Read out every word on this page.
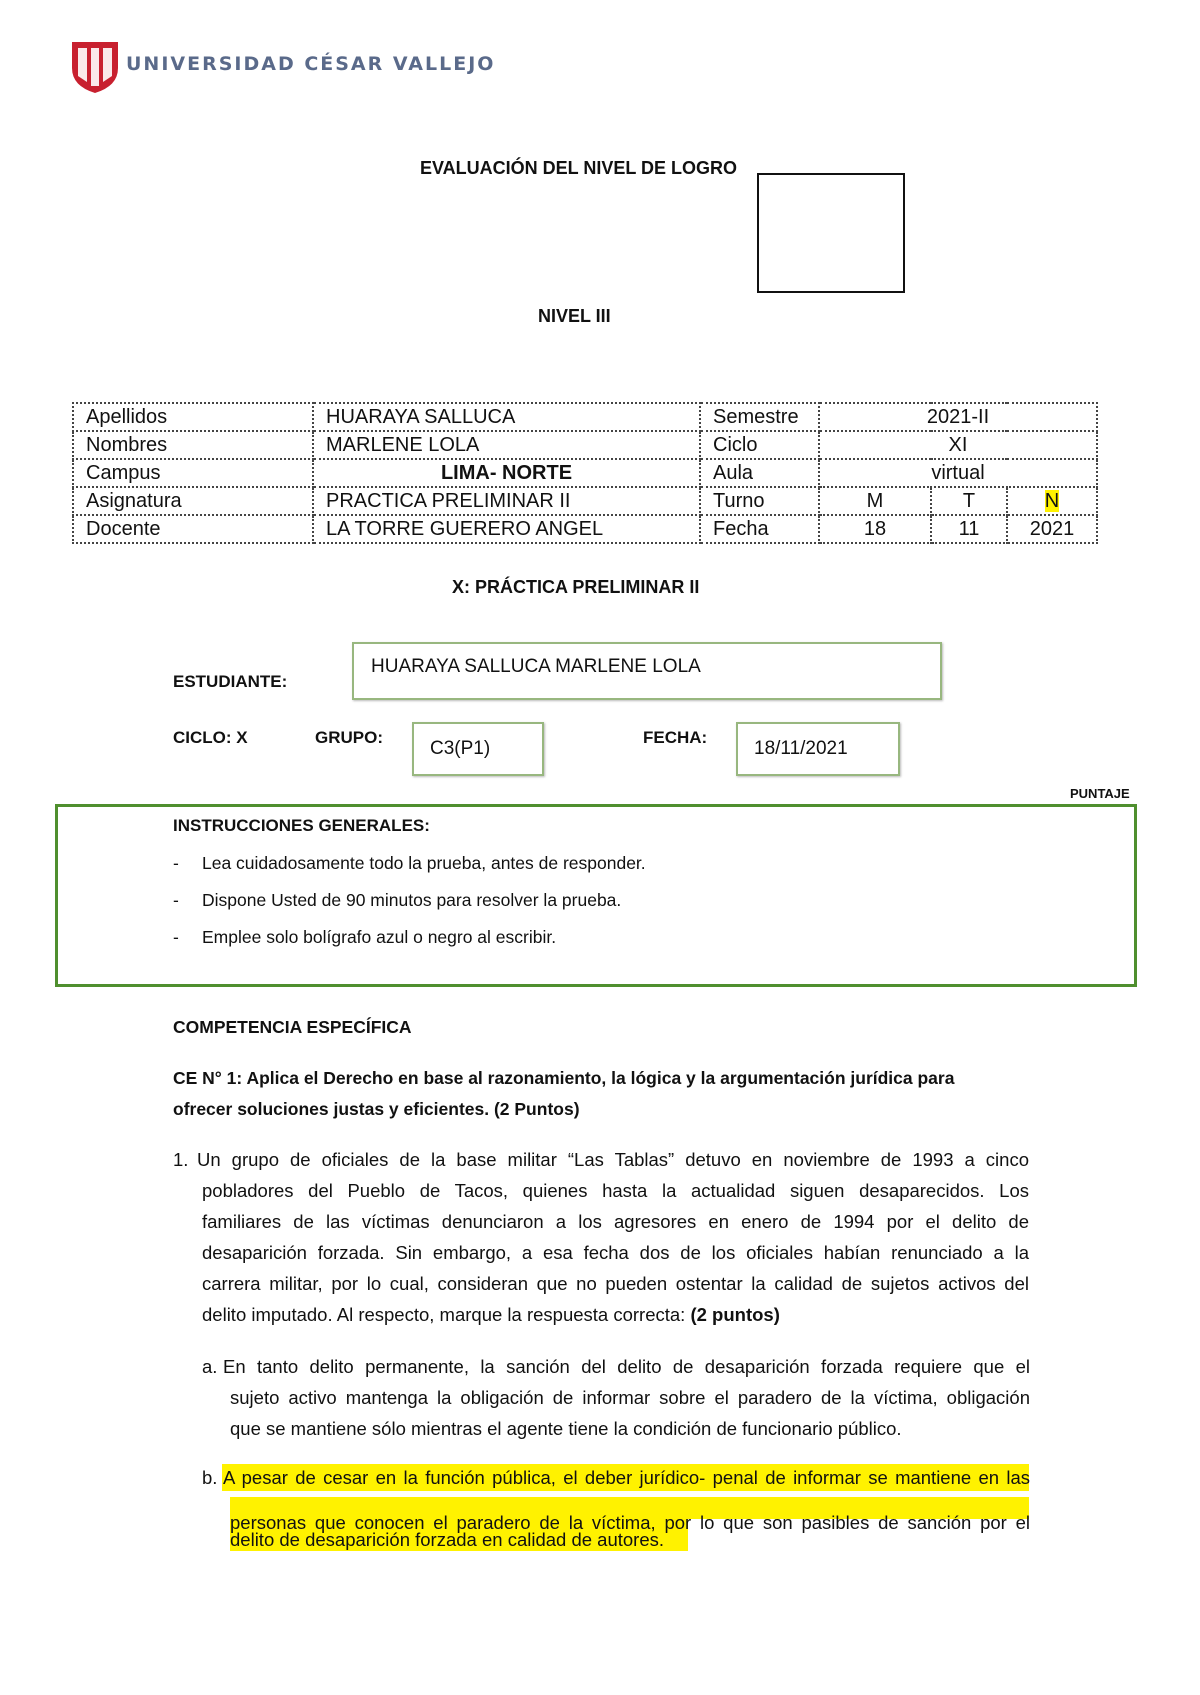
UNIVERSIDAD CÉSAR VALLEJO
EVALUACIÓN DEL NIVEL DE LOGRO
NIVEL III
Apellidos	HUARAYA SALLUCA	Semestre	2021-II		
Nombres	MARLENE LOLA	Ciclo	XI		
Campus	LIMA- NORTE	Aula	virtual		
Asignatura	PRACTICA PRELIMINAR II	Turno	M	T	N
Docente	LA TORRE GUERERO ANGEL	Fecha	18	11	2021
X: PRÁCTICA PRELIMINAR II
ESTUDIANTE:
HUARAYA SALLUCA MARLENE LOLA
CICLO: X	GRUPO:
C3(P1)
FECHA:
18/11/2021
PUNTAJE
INSTRUCCIONES GENERALES:
- Lea cuidadosamente todo la prueba, antes de responder.
- Dispone Usted de 90 minutos para resolver la prueba.
- Emplee solo bolígrafo azul o negro al escribir.
COMPETENCIA ESPECÍFICA
CE N° 1: Aplica el Derecho en base al razonamiento, la lógica y la argumentación jurídica para
ofrecer soluciones justas y eficientes. (2 Puntos)
1. Un grupo de oficiales de la base militar “Las Tablas” detuvo en noviembre de 1993 a cinco
pobladores del Pueblo de Tacos, quienes hasta la actualidad siguen desaparecidos. Los
familiares de las víctimas denunciaron a los agresores en enero de 1994 por el delito de
desaparición forzada. Sin embargo, a esa fecha dos de los oficiales habían renunciado a la
carrera militar, por lo cual, consideran que no pueden ostentar la calidad de sujetos activos del
delito imputado. Al respecto, marque la respuesta correcta: (2 puntos)
a. En tanto delito permanente, la sanción del delito de desaparición forzada requiere que el
sujeto activo mantenga la obligación de informar sobre el paradero de la víctima, obligación
que se mantiene sólo mientras el agente tiene la condición de funcionario público.
b. A pesar de cesar en la función pública, el deber jurídico- penal de informar se mantiene en las
personas que conocen el paradero de la víctima, por lo que son pasibles de sanción por el
delito de desaparición forzada en calidad de autores.
